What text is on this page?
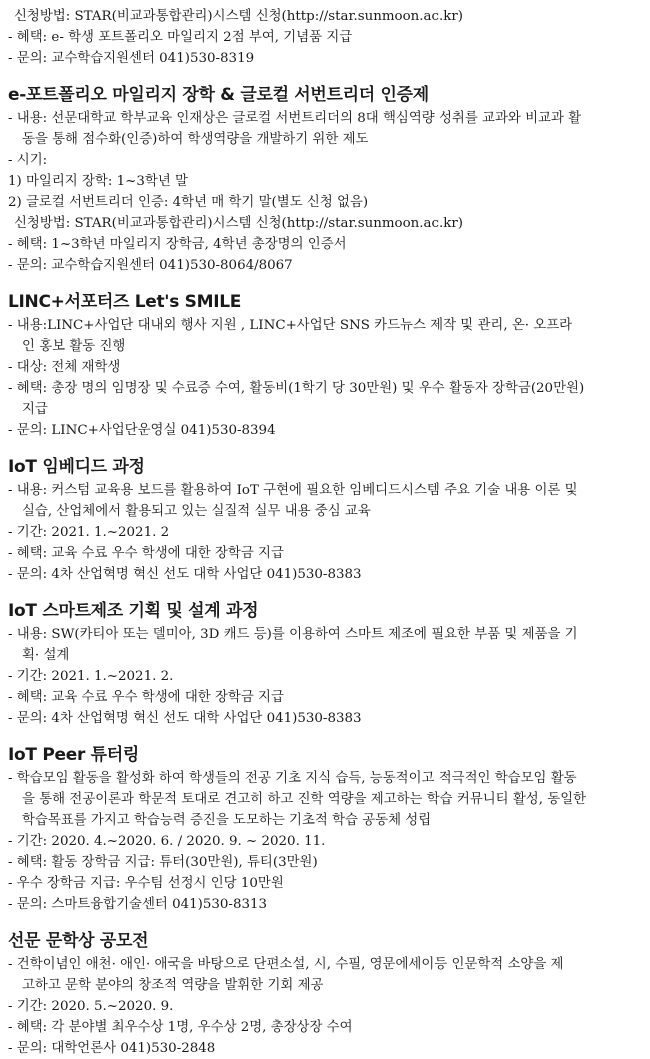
신청방법: STAR(비교과통합관리)시스템 신청(http://star.sunmoon.ac.kr)
- 혜택: e- 학생 포트폴리오 마일리지 2점 부여, 기념품 지급
- 문의: 교수학습지원센터 041)530-8319
e-포트폴리오 마일리지 장학 & 글로컬 서번트리더 인증제
- 내용: 선문대학교 학부교육 인재상은 글로컬 서번트리더의 8대 핵심역량 성취를 교과와 비교과 활
동을 통해 점수화(인증)하여 학생역량을 개발하기 위한 제도
- 시기:
1) 마일리지 장학: 1~3학년 말
2) 글로컬 서번트리더 인증: 4학년 매 학기 말(별도 신청 없음)
신청방법: STAR(비교과통합관리)시스템 신청(http://star.sunmoon.ac.kr)
- 혜택: 1~3학년 마일리지 장학금, 4학년 총장명의 인증서
- 문의: 교수학습지원센터 041)530-8064/8067
LINC+서포터즈 Let's SMILE
- 내용:LINC+사업단 대내외 행사 지원 , LINC+사업단 SNS 카드뉴스 제작 및 관리, 온· 오프라
인 홍보 활동 진행
- 대상: 전체 재학생
- 혜택: 총장 명의 임명장 및 수료증 수여, 활동비(1학기 당 30만원) 및 우수 활동자 장학금(20만원)
지급
- 문의: LINC+사업단운영실 041)530-8394
IoT 임베디드 과정
- 내용: 커스텀 교육용 보드를 활용하여 IoT 구현에 필요한 임베디드시스템 주요 기술 내용 이론 및
실습, 산업체에서 활용되고 있는 실질적 실무 내용 중심 교육
- 기간: 2021. 1.~2021. 2
- 혜택: 교육 수료 우수 학생에 대한 장학금 지급
- 문의: 4차 산업혁명 혁신 선도 대학 사업단 041)530-8383
IoT 스마트제조 기획 및 설계 과정
- 내용: SW(카티아 또는 델미아, 3D 캐드 등)를 이용하여 스마트 제조에 필요한 부품 및 제품을 기
획· 설계
- 기간: 2021. 1.~2021. 2.
- 혜택: 교육 수료 우수 학생에 대한 장학금 지급
- 문의: 4차 산업혁명 혁신 선도 대학 사업단 041)530-8383
IoT Peer 튜터링
- 학습모임 활동을 활성화 하여 학생들의 전공 기초 지식 습득, 능동적이고 적극적인 학습모임 활동
을 통해 전공이론과 학문적 토대로 견고히 하고 진학 역량을 제고하는 학습 커뮤니티 활성, 동일한
학습목표를 가지고 학습능력 증진을 도모하는 기초적 학습 공동체 성립
- 기간: 2020. 4.~2020. 6. / 2020. 9. ~ 2020. 11.
- 혜택: 활동 장학금 지급: 튜터(30만원), 튜티(3만원)
- 우수 장학금 지급: 우수팀 선정시 인당 10만원
- 문의: 스마트융합기술센터 041)530-8313
선문 문학상 공모전
- 건학이념인 애천· 애인· 애국을 바탕으로 단편소설, 시, 수필, 영문에세이등 인문학적 소양을 제
고하고 문학 분야의 창조적 역량을 발휘한 기회 제공
- 기간: 2020. 5.~2020. 9.
- 혜택: 각 분야별 최우수상 1명, 우수상 2명, 총장상장 수여
- 문의: 대학언론사 041)530-2848
